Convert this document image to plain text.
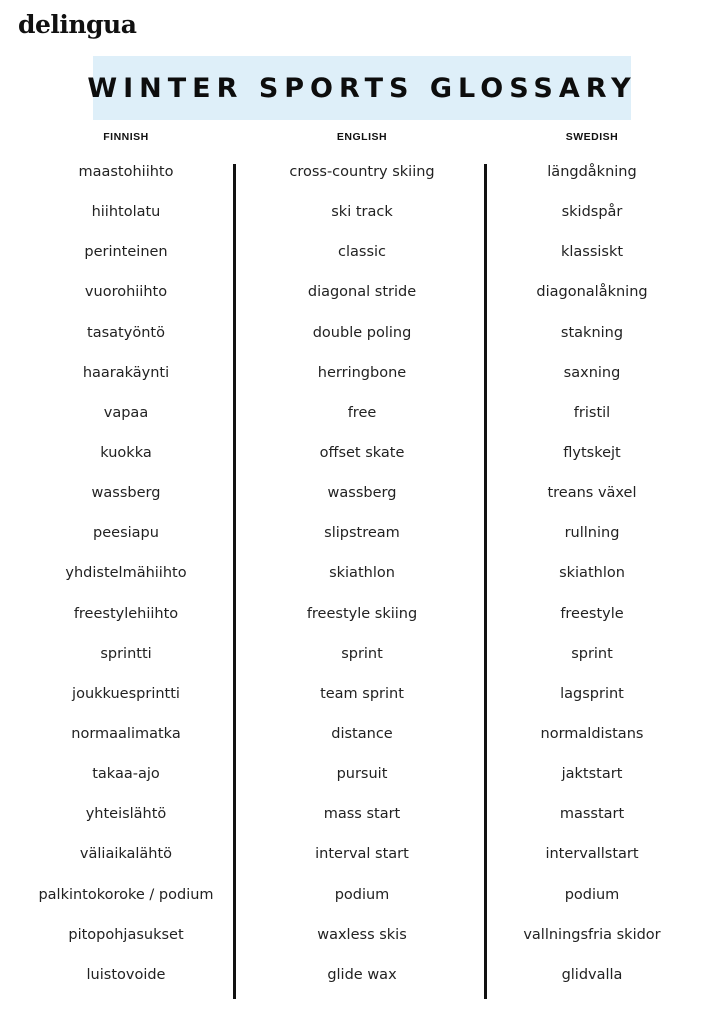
delingua
WINTER SPORTS GLOSSARY
FINNISH	ENGLISH	SWEDISH
maastohiihto
hiihtolatu
perinteinen
vuorohiihto
tasatyöntö
haarakäynti
vapaa
kuokka
wassberg
peesiapu
yhdistelmähiihto
freestylehiihto
sprintti
joukkuesprintti
normaalimatka
takaa-ajo
yhteislähtö
väliaikalähtö
palkintokoroke / podium
pitopohjasukset
luistovoide
cross-country skiing
ski track
classic
diagonal stride
double poling
herringbone
free
offset skate
wassberg
slipstream
skiathlon
freestyle skiing
sprint
team sprint
distance
pursuit
mass start
interval start
podium
waxless skis
glide wax
längdåkning
skidspår
klassiskt
diagonalåkning
stakning
saxning
fristil
flytskejt
treans växel
rullning
skiathlon
freestyle
sprint
lagsprint
normaldistans
jaktstart
masstart
intervallstart
podium
vallningsfria skidor
glidvalla
